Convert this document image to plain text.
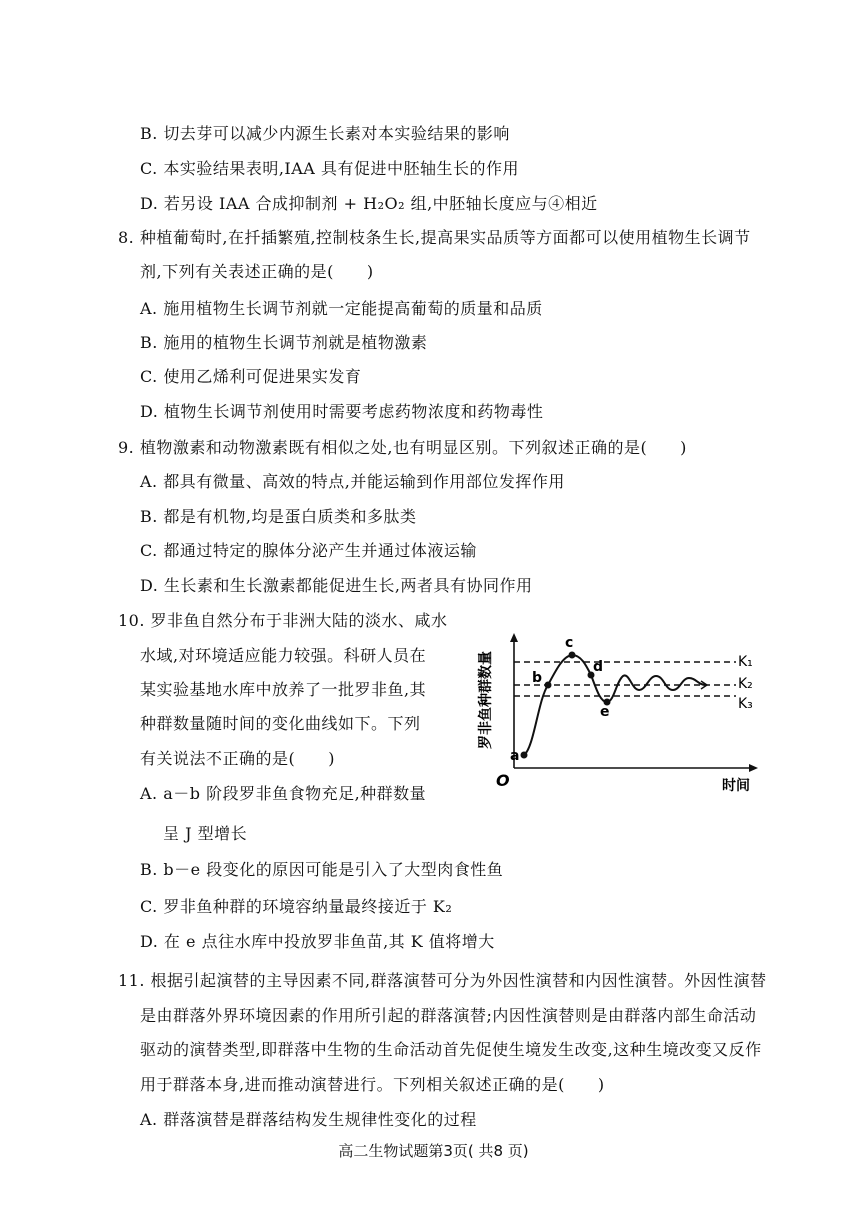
B. 切去芽可以减少内源生长素对本实验结果的影响
C. 本实验结果表明,IAA 具有促进中胚轴生长的作用
D. 若另设 IAA 合成抑制剂 + H₂O₂ 组,中胚轴长度应与④相近
8. 种植葡萄时,在扦插繁殖,控制枝条生长,提高果实品质等方面都可以使用植物生长调节
剂,下列有关表述正确的是(　　)
A. 施用植物生长调节剂就一定能提高葡萄的质量和品质
B. 施用的植物生长调节剂就是植物激素
C. 使用乙烯利可促进果实发育
D. 植物生长调节剂使用时需要考虑药物浓度和药物毒性
9. 植物激素和动物激素既有相似之处,也有明显区别。下列叙述正确的是(　　)
A. 都具有微量、高效的特点,并能运输到作用部位发挥作用
B. 都是有机物,均是蛋白质类和多肽类
C. 都通过特定的腺体分泌产生并通过体液运输
D. 生长素和生长激素都能促进生长,两者具有协同作用
10. 罗非鱼自然分布于非洲大陆的淡水、咸水
水域,对环境适应能力较强。科研人员在
某实验基地水库中放养了一批罗非鱼,其
种群数量随时间的变化曲线如下。下列
有关说法不正确的是(　　)
A. a－b 阶段罗非鱼食物充足,种群数量
呈 J 型增长
B. b－e 段变化的原因可能是引入了大型肉食性鱼
C. 罗非鱼种群的环境容纳量最终接近于 K₂
D. 在 e 点往水库中投放罗非鱼苗,其 K 值将增大
a
b
c
d
e
K₁
K₂
K₃
罗非鱼种群数量
O	时间
11. 根据引起演替的主导因素不同,群落演替可分为外因性演替和内因性演替。外因性演替
是由群落外界环境因素的作用所引起的群落演替;内因性演替则是由群落内部生命活动
驱动的演替类型,即群落中生物的生命活动首先促使生境发生改变,这种生境改变又反作
用于群落本身,进而推动演替进行。下列相关叙述正确的是(　　)
A. 群落演替是群落结构发生规律性变化的过程
高二生物试题第3页( 共8 页)
